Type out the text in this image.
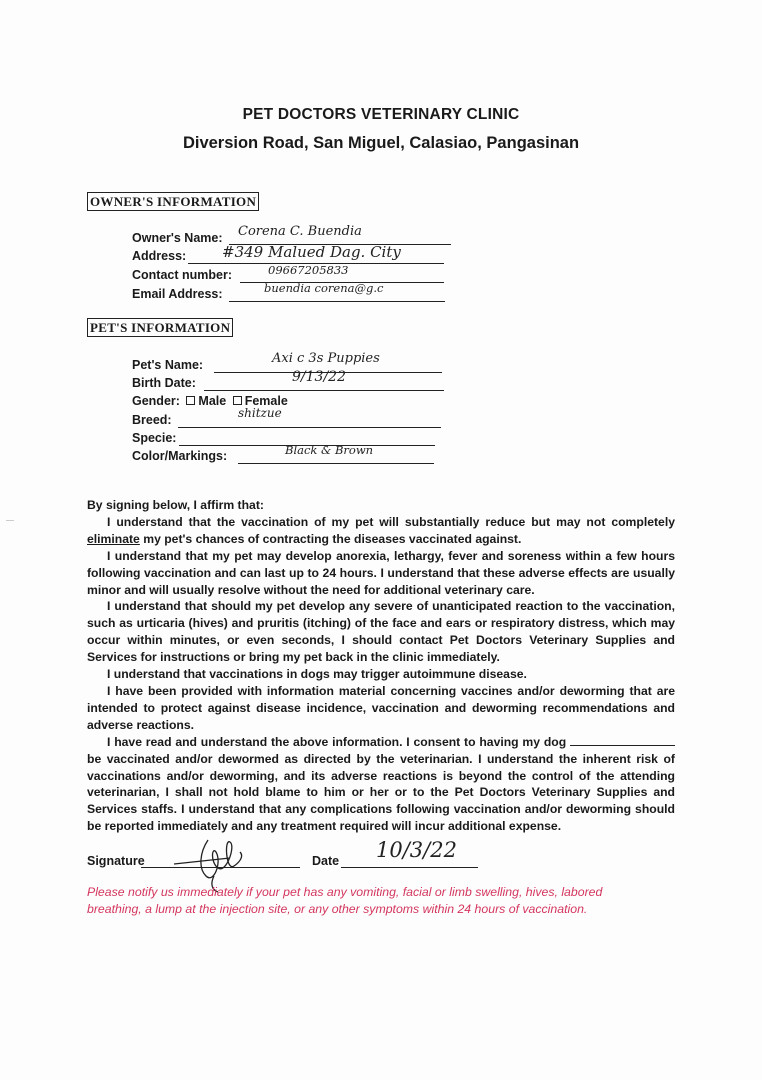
PET DOCTORS VETERINARY CLINIC
Diversion Road, San Miguel, Calasiao, Pangasinan
OWNER'S INFORMATION
Owner's Name: Corena C. Buendia
Address: #349 Malued Dag. City
Contact number:	09667205833
Email Address:	buendia corena@g.c
PET'S INFORMATION
Pet's Name:	Axi c 3s Puppies
Birth Date:	9/13/22
Gender: Male Female
Breed:	shitzue
Specie:
Color/Markings:	Black & Brown

By signing below, I affirm that:

I understand that the vaccination of my pet will substantially reduce but may not completely eliminate my pet's chances of contracting the diseases vaccinated against.

I understand that my pet may develop anorexia, lethargy, fever and soreness within a few hours following vaccination and can last up to 24 hours. I understand that these adverse effects are usually minor and will usually resolve without the need for additional veterinary care.

I understand that should my pet develop any severe of unanticipated reaction to the vaccination, such as urticaria (hives) and pruritis (itching) of the face and ears or respiratory distress, which may occur within minutes, or even seconds, I should contact Pet Doctors Veterinary Supplies and Services for instructions or bring my pet back in the clinic immediately.

I understand that vaccinations in dogs may trigger autoimmune disease.

I have been provided with information material concerning vaccines and/or deworming that are intended to protect against disease incidence, vaccination and deworming recommendations and adverse reactions.

I have read and understand the above information. I consent to having my dog  be vaccinated and/or dewormed as directed by the veterinarian. I understand the inherent risk of vaccinations and/or deworming, and its adverse reactions is beyond the control of the attending veterinarian, I shall not hold blame to him or her or to the Pet Doctors Veterinary Supplies and Services staffs. I understand that any complications following vaccination and/or deworming should be reported immediately and any treatment required will incur additional expense.

Signature	Date 10/3/22
Please notify us immediately if your pet has any vomiting, facial or limb swelling, hives, labored breathing, a lump at the injection site, or any other symptoms within 24 hours of vaccination.
